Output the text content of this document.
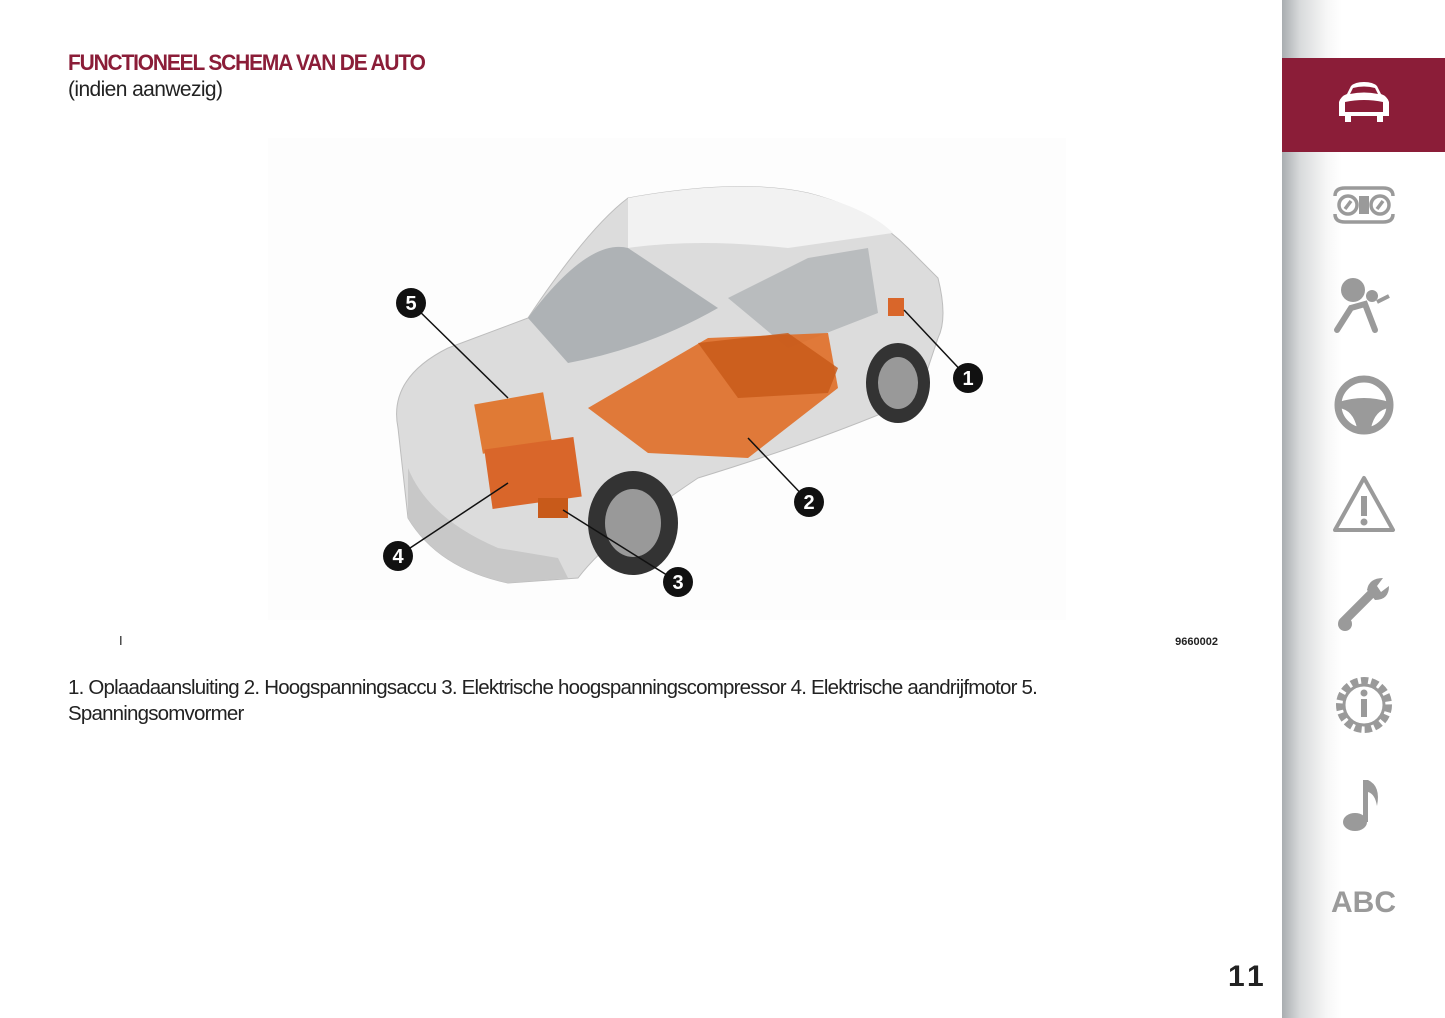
FUNCTIONEEL SCHEMA VAN DE AUTO
(indien aanwezig)
5
1
2
3
4
I	9660002
1. Oplaadaansluiting 2. Hoogspanningsaccu 3. Elektrische hoogspanningscompressor 4. Elektrische aandrijfmotor 5. Spanningsomvormer
11
ABC
